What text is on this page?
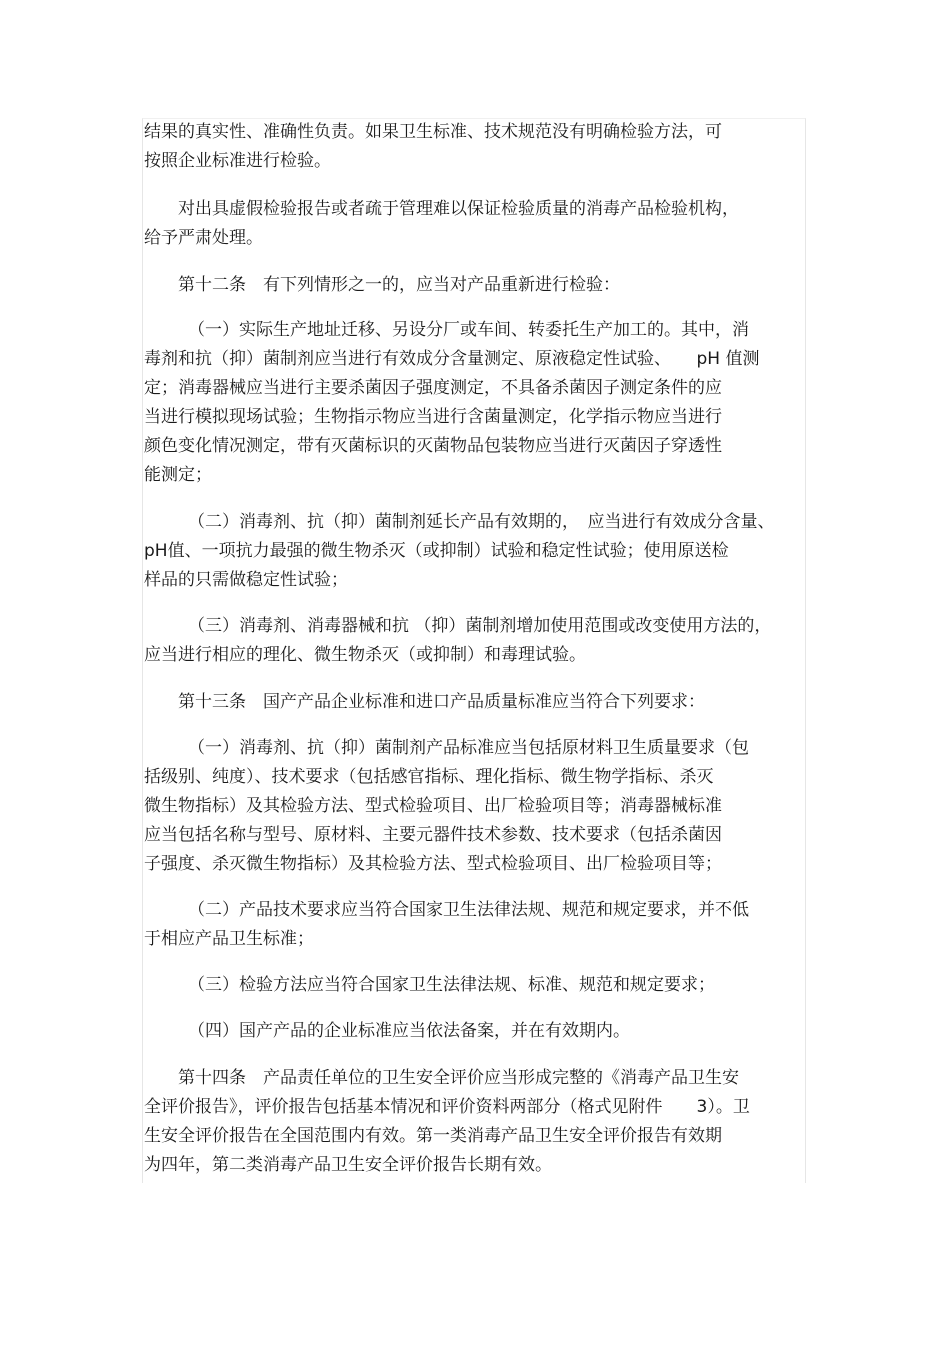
结果的真实性、准确性负责。如果卫生标准、技术规范没有明确检验方法，可
按照企业标准进行检验。
对出具虚假检验报告或者疏于管理难以保证检验质量的消毒产品检验机构，
给予严肃处理。
第十二条　有下列情形之一的，应当对产品重新进行检验：
（一）实际生产地址迁移、另设分厂或车间、转委托生产加工的。其中，消
毒剂和抗（抑）菌制剂应当进行有效成分含量测定、原液稳定性试验、　　pH 值测
定；消毒器械应当进行主要杀菌因子强度测定，不具备杀菌因子测定条件的应
当进行模拟现场试验；生物指示物应当进行含菌量测定，化学指示物应当进行
颜色变化情况测定，带有灭菌标识的灭菌物品包装物应当进行灭菌因子穿透性
能测定；
（二）消毒剂、抗（抑）菌制剂延长产品有效期的，　应当进行有效成分含量、
pH值、一项抗力最强的微生物杀灭（或抑制）试验和稳定性试验；使用原送检
样品的只需做稳定性试验；
（三）消毒剂、消毒器械和抗 （抑）菌制剂增加使用范围或改变使用方法的，
应当进行相应的理化、微生物杀灭（或抑制）和毒理试验。
第十三条　国产产品企业标准和进口产品质量标准应当符合下列要求：
（一）消毒剂、抗（抑）菌制剂产品标准应当包括原材料卫生质量要求（包
括级别、纯度）、技术要求（包括感官指标、理化指标、微生物学指标、杀灭
微生物指标）及其检验方法、型式检验项目、出厂检验项目等；消毒器械标准
应当包括名称与型号、原材料、主要元器件技术参数、技术要求（包括杀菌因
子强度、杀灭微生物指标）及其检验方法、型式检验项目、出厂检验项目等；
（二）产品技术要求应当符合国家卫生法律法规、规范和规定要求，并不低
于相应产品卫生标准；
（三）检验方法应当符合国家卫生法律法规、标准、规范和规定要求；
（四）国产产品的企业标准应当依法备案，并在有效期内。
第十四条　产品责任单位的卫生安全评价应当形成完整的《消毒产品卫生安
全评价报告》，评价报告包括基本情况和评价资料两部分（格式见附件　　3）。卫
生安全评价报告在全国范围内有效。第一类消毒产品卫生安全评价报告有效期
为四年，第二类消毒产品卫生安全评价报告长期有效。
